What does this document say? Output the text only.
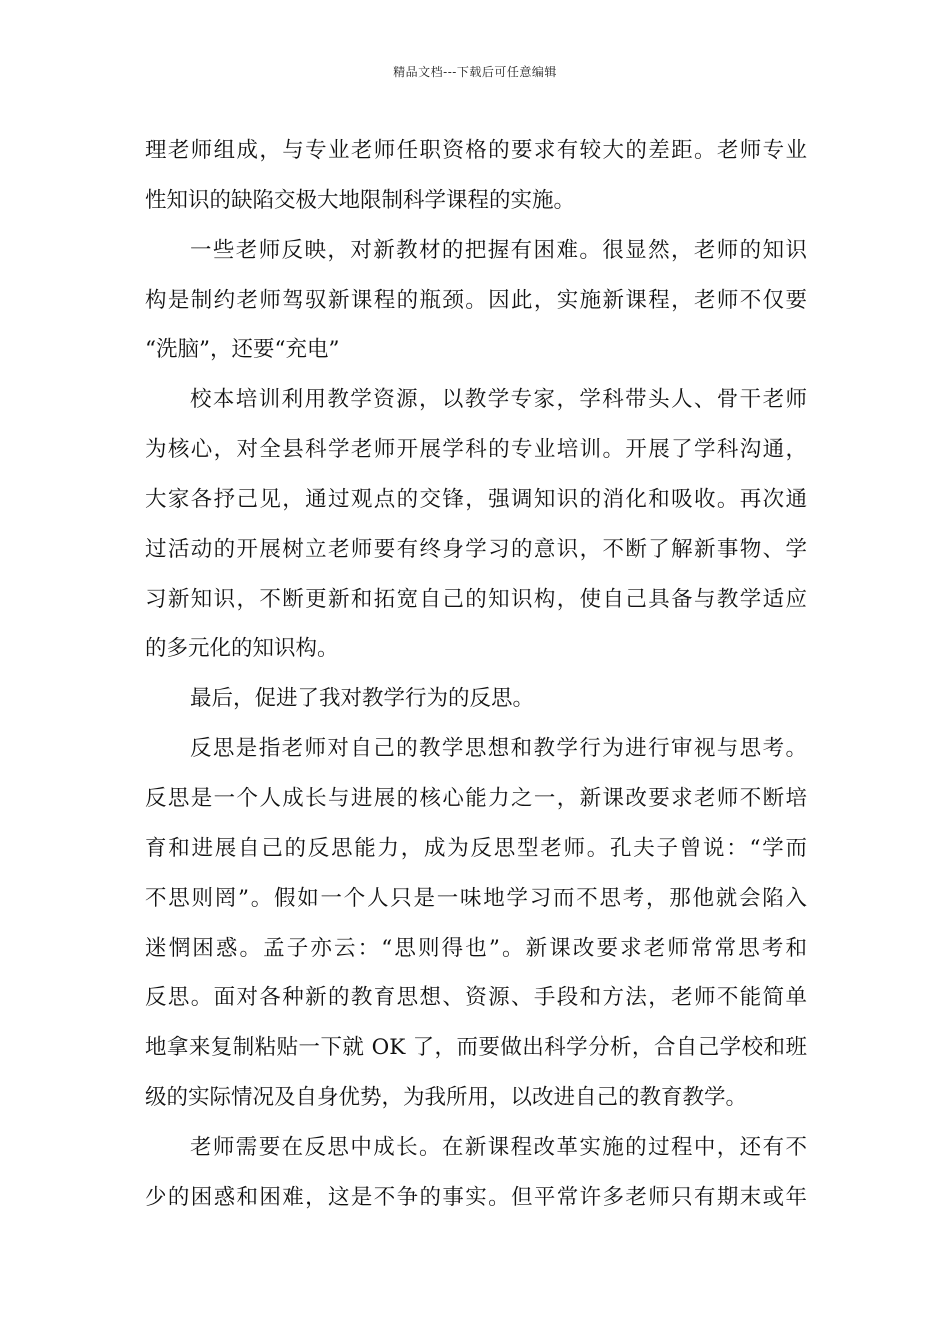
精品文档---下载后可任意编辑
理老师组成，与专业老师任职资格的要求有较大的差距。老师专业
性知识的缺陷交极大地限制科学课程的实施。
一些老师反映，对新教材的把握有困难。很显然，老师的知识
构是制约老师驾驭新课程的瓶颈。因此，实施新课程，老师不仅要
“洗脑”，还要“充电”
校本培训利用教学资源，以教学专家，学科带头人、骨干老师
为核心，对全县科学老师开展学科的专业培训。开展了学科沟通，
大家各抒己见，通过观点的交锋，强调知识的消化和吸收。再次通
过活动的开展树立老师要有终身学习的意识，不断了解新事物、学
习新知识，不断更新和拓宽自己的知识构，使自己具备与教学适应
的多元化的知识构。
最后，促进了我对教学行为的反思。
反思是指老师对自己的教学思想和教学行为进行审视与思考。
反思是一个人成长与进展的核心能力之一，新课改要求老师不断培
育和进展自己的反思能力，成为反思型老师。孔夫子曾说：“学而
不思则罔”。假如一个人只是一味地学习而不思考，那他就会陷入
迷惘困惑。孟子亦云：“思则得也”。新课改要求老师常常思考和
反思。面对各种新的教育思想、资源、手段和方法，老师不能简单
地拿来复制粘贴一下就 OK 了，而要做出科学分析，合自己学校和班
级的实际情况及自身优势，为我所用，以改进自己的教育教学。
老师需要在反思中成长。在新课程改革实施的过程中，还有不
少的困惑和困难，这是不争的事实。但平常许多老师只有期末或年
